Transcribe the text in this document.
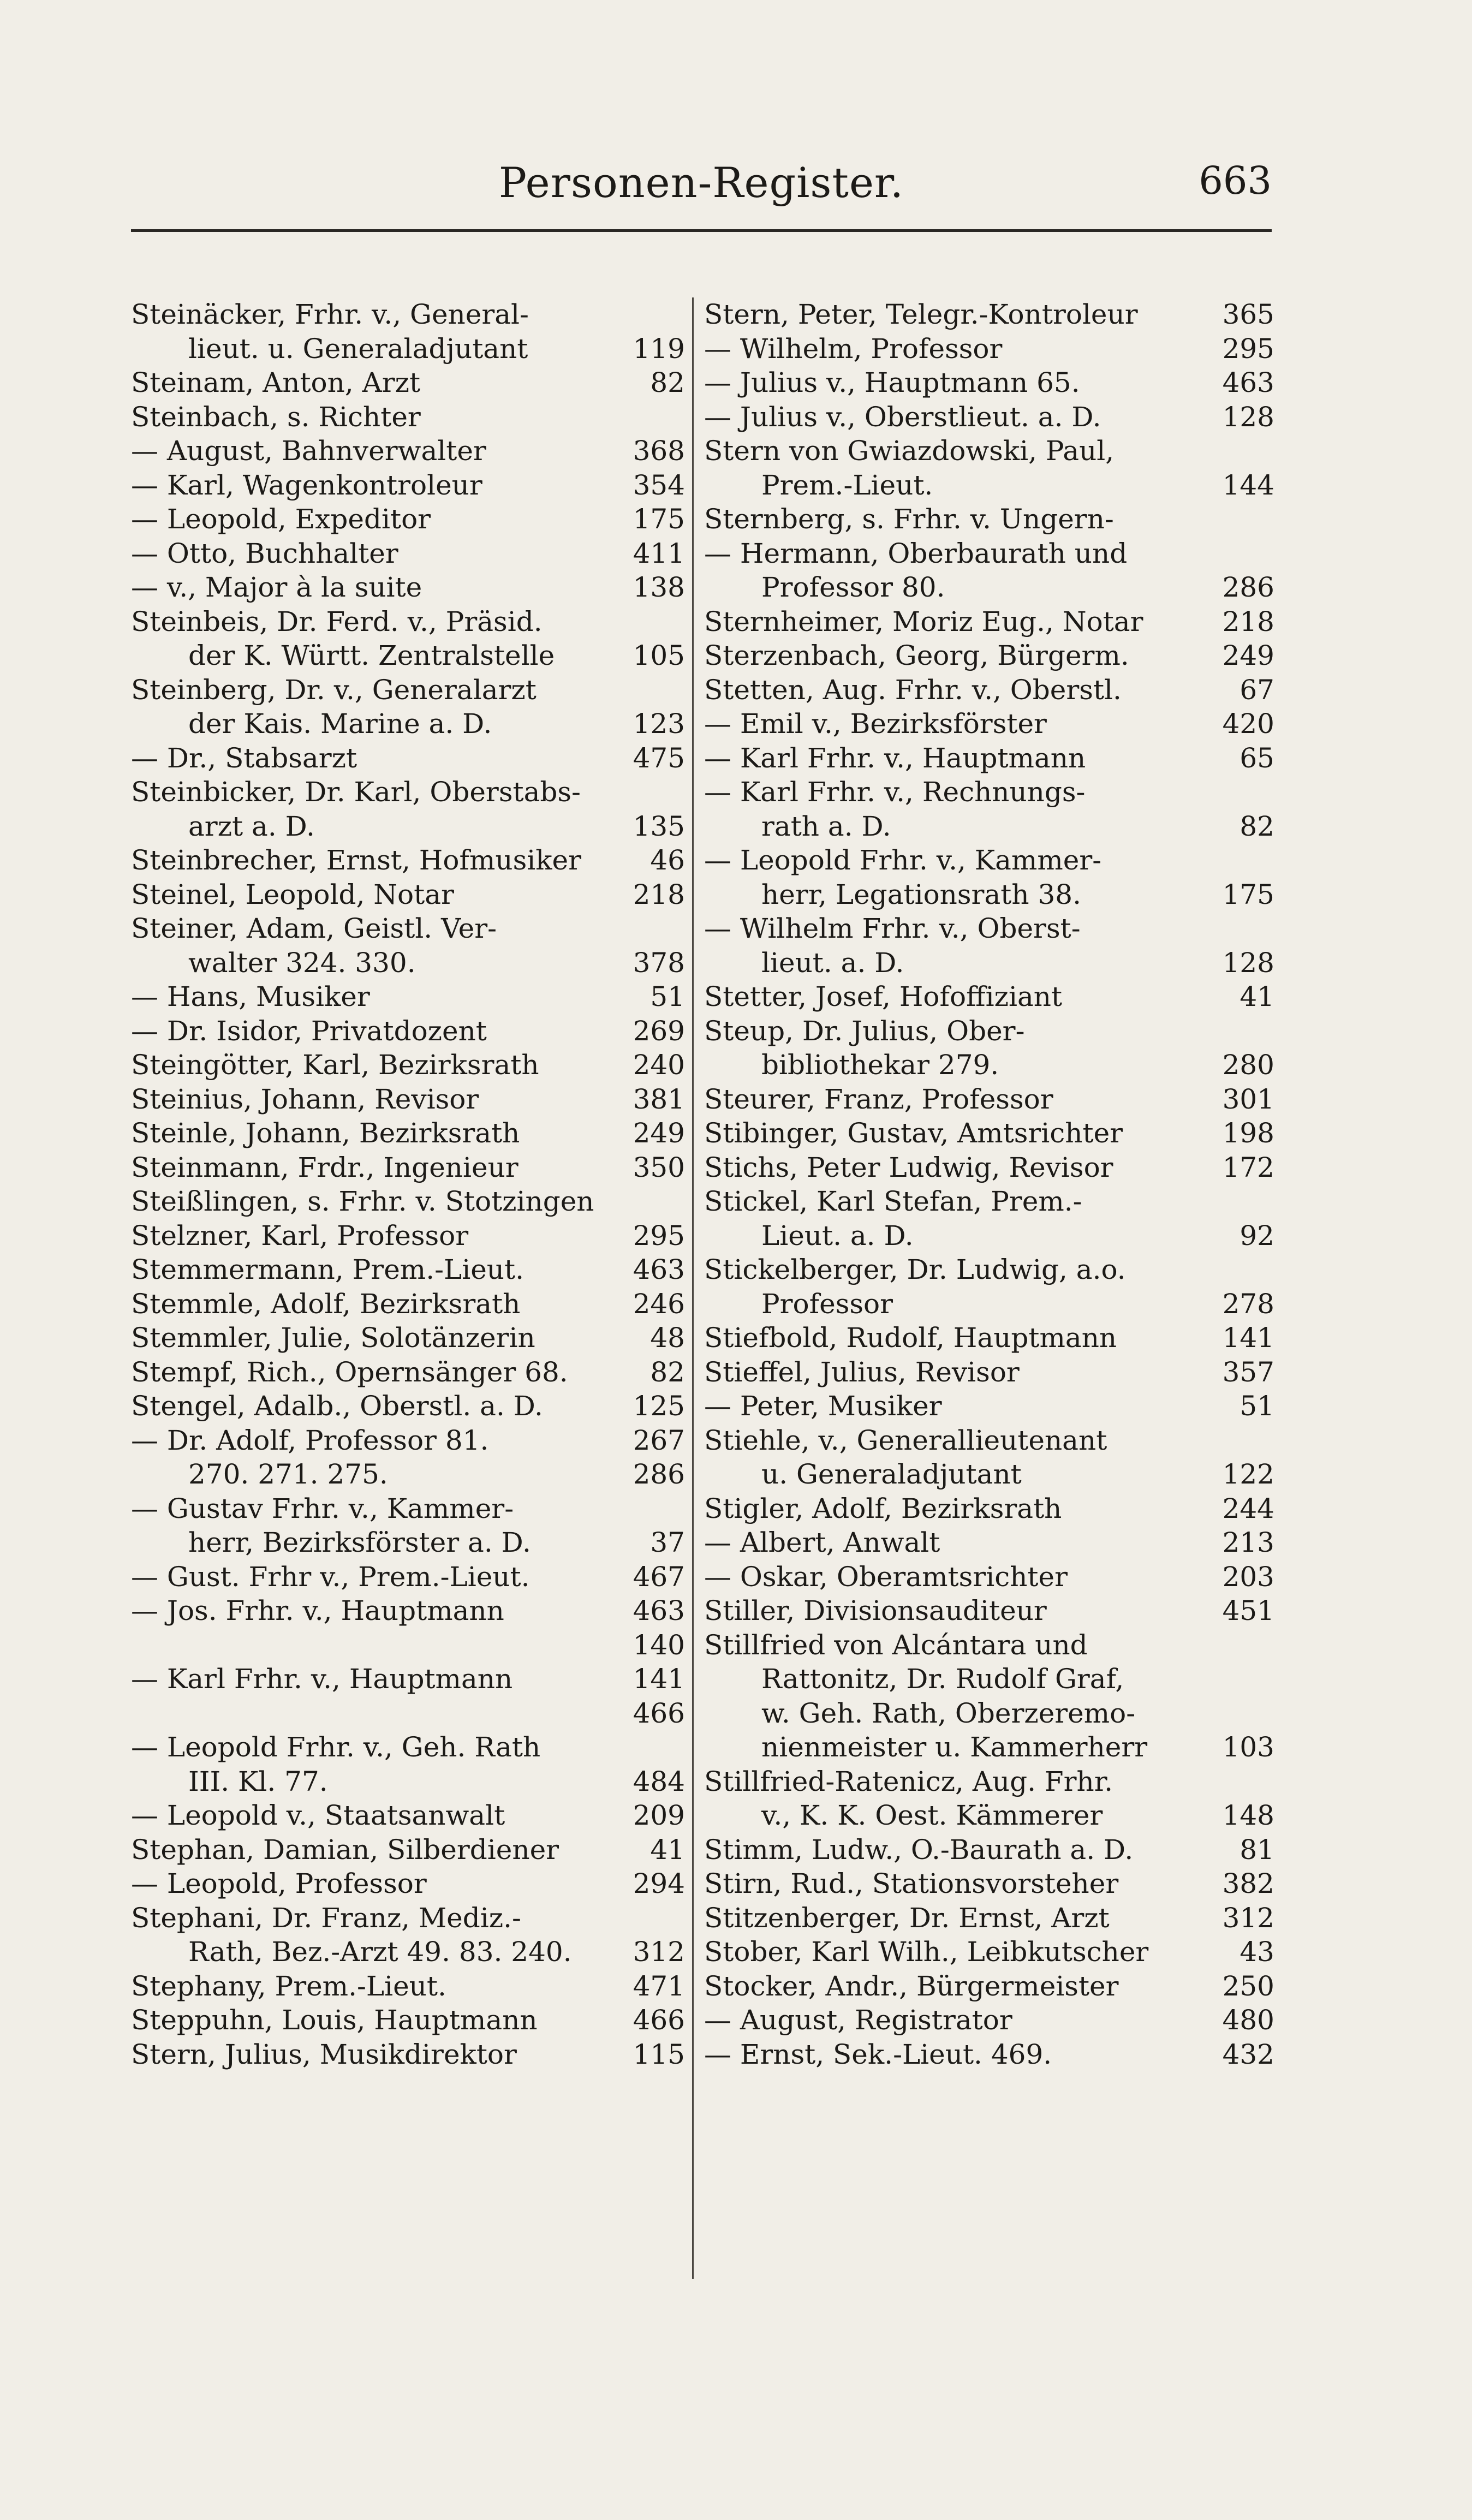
Personen-Register.	663
Steinäcker, Frhr. v., General-
lieut. u. Generaladjutant	119
Steinam, Anton, Arzt	82
Steinbach, s. Richter
— August, Bahnverwalter	368
— Karl, Wagenkontroleur	354
— Leopold, Expeditor	175
— Otto, Buchhalter	411
— v., Major à la suite	138
Steinbeis, Dr. Ferd. v., Präsid.
der K. Württ. Zentralstelle	105
Steinberg, Dr. v., Generalarzt
der Kais. Marine a. D.	123
— Dr., Stabsarzt	475
Steinbicker, Dr. Karl, Oberstabs-
arzt a. D.	135
Steinbrecher, Ernst, Hofmusiker	46
Steinel, Leopold, Notar	218
Steiner, Adam, Geistl. Ver-
walter 324. 330.	378
— Hans, Musiker	51
— Dr. Isidor, Privatdozent	269
Steingötter, Karl, Bezirksrath	240
Steinius, Johann, Revisor	381
Steinle, Johann, Bezirksrath	249
Steinmann, Frdr., Ingenieur	350
Steißlingen, s. Frhr. v. Stotzingen
Stelzner, Karl, Professor	295
Stemmermann, Prem.-Lieut.	463
Stemmle, Adolf, Bezirksrath	246
Stemmler, Julie, Solotänzerin	48
Stempf, Rich., Opernsänger 68.	82
Stengel, Adalb., Oberstl. a. D.	125
— Dr. Adolf, Professor 81.	267
270. 271. 275.	286
— Gustav Frhr. v., Kammer-
herr, Bezirksförster a. D.	37
— Gust. Frhr v., Prem.-Lieut.	467
— Jos. Frhr. v., Hauptmann	463
140
— Karl Frhr. v., Hauptmann	141
466
— Leopold Frhr. v., Geh. Rath
III. Kl. 77.	484
— Leopold v., Staatsanwalt	209
Stephan, Damian, Silberdiener	41
— Leopold, Professor	294
Stephani, Dr. Franz, Mediz.-
Rath, Bez.-Arzt 49. 83. 240. 312
Stephany, Prem.-Lieut.	471
Steppuhn, Louis, Hauptmann	466
Stern, Julius, Musikdirektor	115
Stern, Peter, Telegr.-Kontroleur	365
— Wilhelm, Professor	295
— Julius v., Hauptmann 65.	463
— Julius v., Oberstlieut. a. D.	128
Stern von Gwiazdowski, Paul,
Prem.-Lieut.	144
Sternberg, s. Frhr. v. Ungern-
— Hermann, Oberbaurath und
Professor 80.	286
Sternheimer, Moriz Eug., Notar	218
Sterzenbach, Georg, Bürgerm.	249
Stetten, Aug. Frhr. v., Oberstl.	67
— Emil v., Bezirksförster	420
— Karl Frhr. v., Hauptmann	65
— Karl Frhr. v., Rechnungs-
rath a. D.	82
— Leopold Frhr. v., Kammer-
herr, Legationsrath 38.	175
— Wilhelm Frhr. v., Oberst-
lieut. a. D.	128
Stetter, Josef, Hofoffiziant	41
Steup, Dr. Julius, Ober-
bibliothekar 279.	280
Steurer, Franz, Professor	301
Stibinger, Gustav, Amtsrichter	198
Stichs, Peter Ludwig, Revisor	172
Stickel, Karl Stefan, Prem.-
Lieut. a. D.	92
Stickelberger, Dr. Ludwig, a.o.
Professor	278
Stiefbold, Rudolf, Hauptmann	141
Stieffel, Julius, Revisor	357
— Peter, Musiker	51
Stiehle, v., Generallieutenant
u. Generaladjutant	122
Stigler, Adolf, Bezirksrath	244
— Albert, Anwalt	213
— Oskar, Oberamtsrichter	203
Stiller, Divisionsauditeur	451
Stillfried von Alcántara und
Rattonitz, Dr. Rudolf Graf,
w. Geh. Rath, Oberzeremo-
nienmeister u. Kammerherr	103
Stillfried-Ratenicz, Aug. Frhr.
v., K. K. Oest. Kämmerer	148
Stimm, Ludw., O.-Baurath a. D.	81
Stirn, Rud., Stationsvorsteher	382
Stitzenberger, Dr. Ernst, Arzt	312
Stober, Karl Wilh., Leibkutscher	43
Stocker, Andr., Bürgermeister	250
— August, Registrator	480
— Ernst, Sek.-Lieut. 469.	432
